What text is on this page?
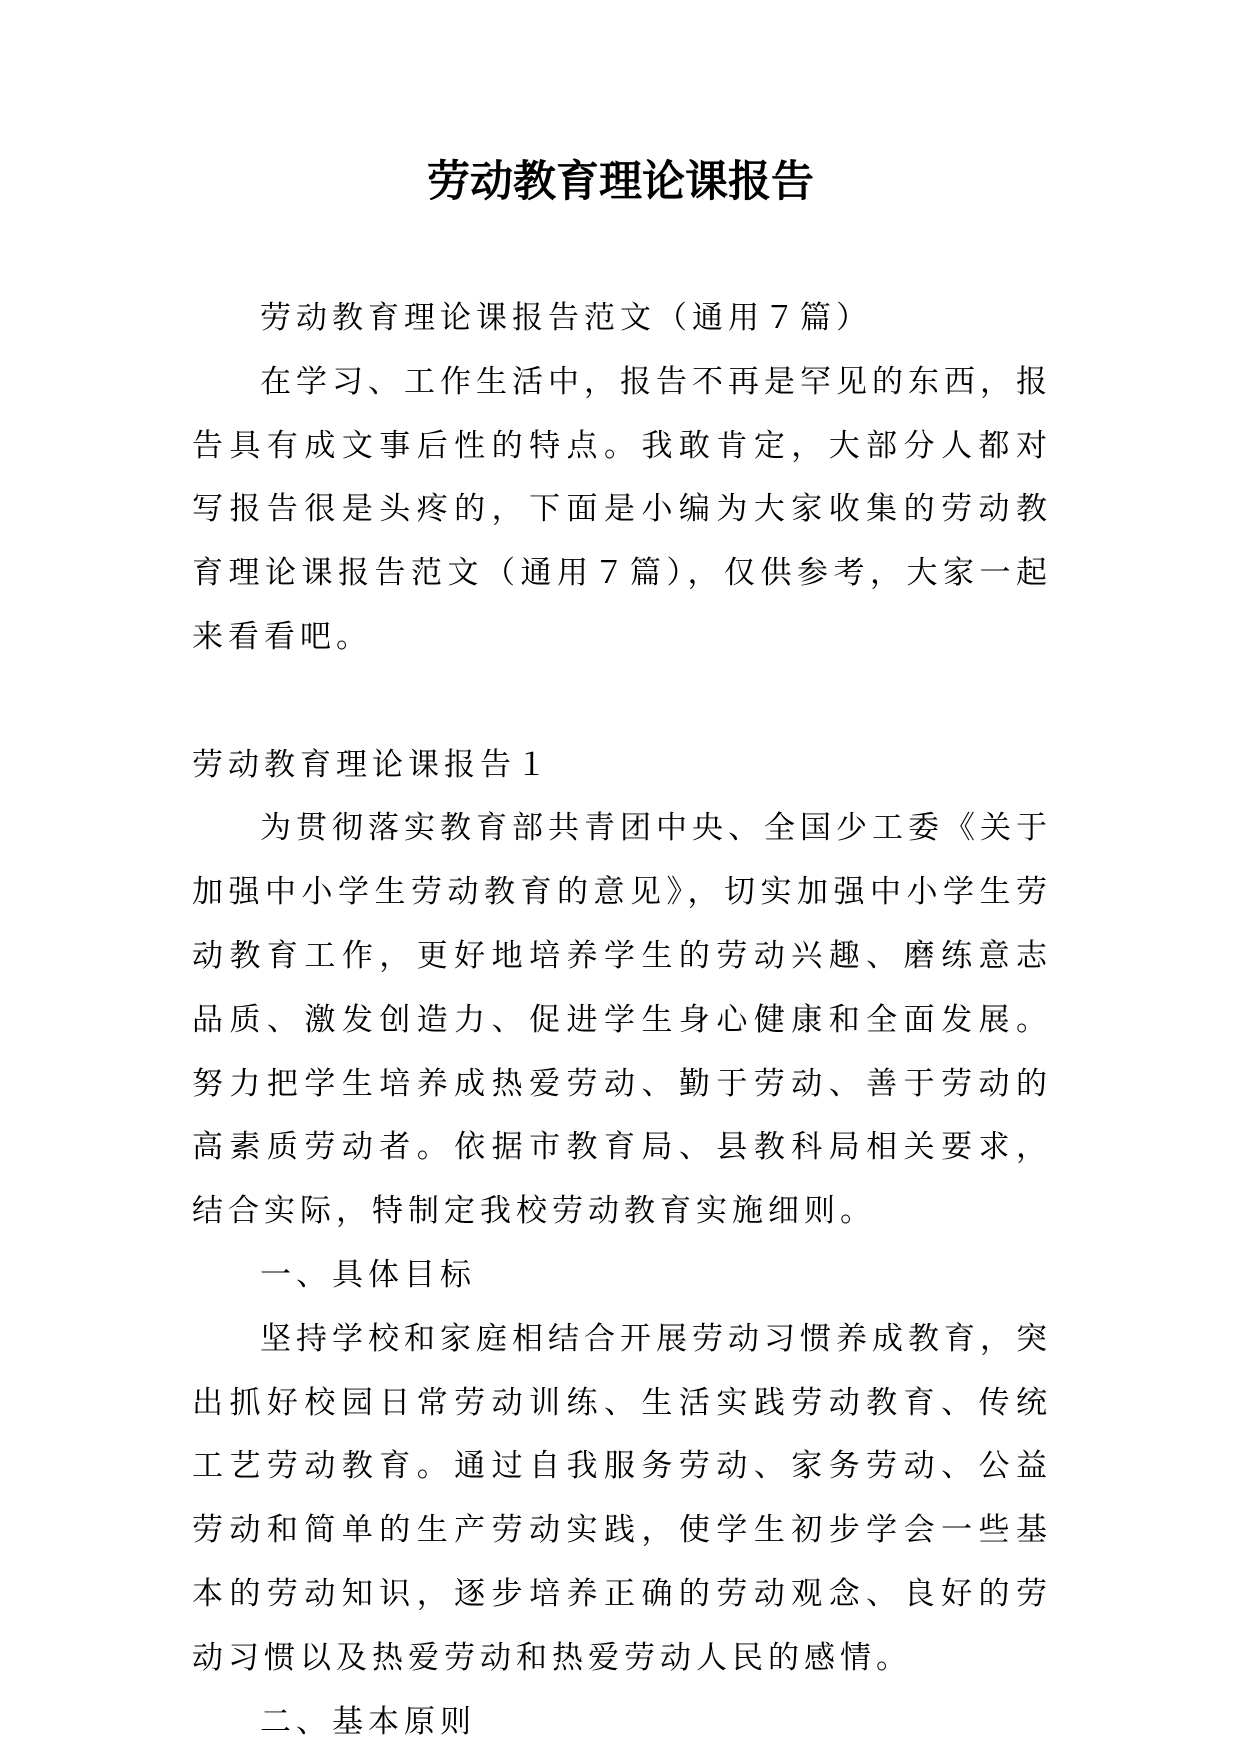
劳动教育理论课报告

劳动教育理论课报告范文（通用７篇）

在学习、工作生活中，报告不再是罕见的东西，报告具有成文事后性的特点。我敢肯定，大部分人都对写报告很是头疼的，下面是小编为大家收集的劳动教育理论课报告范文（通用７篇），仅供参考，大家一起来看看吧。

劳动教育理论课报告１

为贯彻落实教育部共青团中央、全国少工委《关于加强中小学生劳动教育的意见》，切实加强中小学生劳动教育工作，更好地培养学生的劳动兴趣、磨练意志品质、激发创造力、促进学生身心健康和全面发展。努力把学生培养成热爱劳动、勤于劳动、善于劳动的高素质劳动者。依据市教育局、县教科局相关要求，结合实际，特制定我校劳动教育实施细则。

一、具体目标

坚持学校和家庭相结合开展劳动习惯养成教育，突出抓好校园日常劳动训练、生活实践劳动教育、传统工艺劳动教育。通过自我服务劳动、家务劳动、公益劳动和简单的生产劳动实践，使学生初步学会一些基本的劳动知识，逐步培养正确的劳动观念、良好的劳动习惯以及热爱劳动和热爱劳动人民的感情。

二、基本原则
